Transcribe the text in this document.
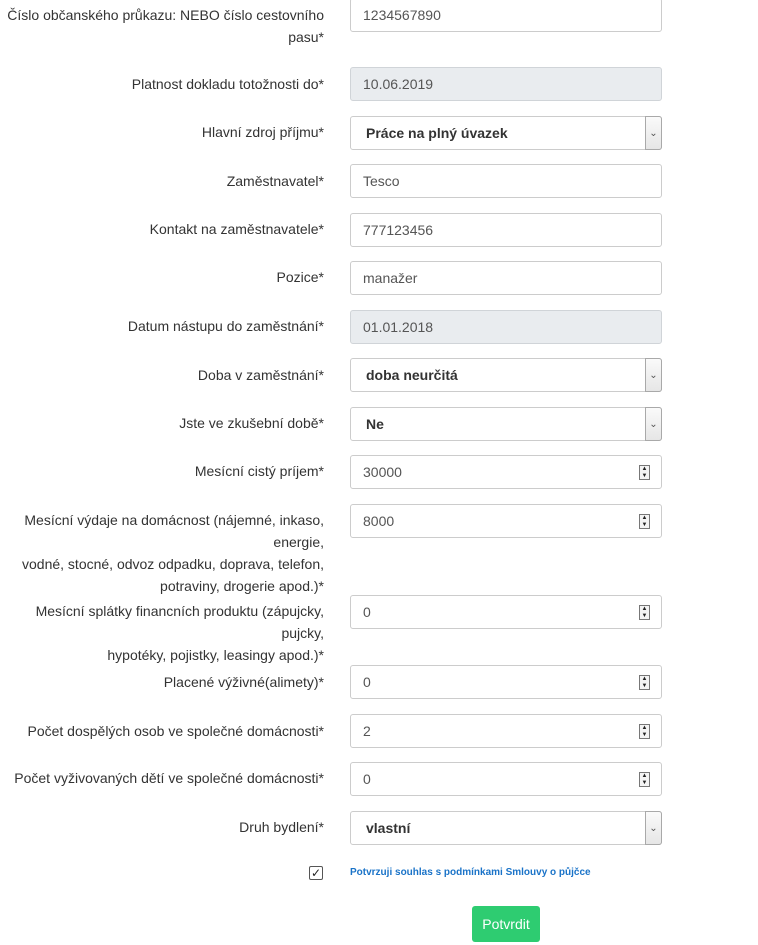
Číslo občanského průkazu: NEBO číslo cestovního
pasu*
1234567890
Platnost dokladu totožnosti do*	10.06.2019
Hlavní zdroj příjmu*	Práce na plný úvazek	⌄
Zaměstnavatel*	Tesco
Kontakt na zaměstnavatele*	777123456
Pozice*	manažer
Datum nástupu do zaměstnání*	01.01.2018
Doba v zaměstnání*	doba neurčitá	⌄
Jste ve zkušební době*	Ne	⌄
Mesícní cistý príjem*	30000	▲
▼
Mesícní výdaje na domácnost (nájemné, inkaso, energie,
vodné, stocné, odvoz odpadku, doprava, telefon,
potraviny, drogerie apod.)*
8000	▲
▼
Mesícní splátky financních produktu (zápujcky, pujcky,
hypotéky, pojistky, leasingy apod.)*
0	▲
▼
Placené výživné(alimety)*	0	▲
▼
Počet dospělých osob ve společné domácnosti*	2	▲
▼
Počet vyživovaných dětí ve společné domácnosti*	0	▲
▼
Druh bydlení*	vlastní	⌄
✓	Potvrzuji souhlas s podmínkami Smlouvy o půjčce
Potvrdit
